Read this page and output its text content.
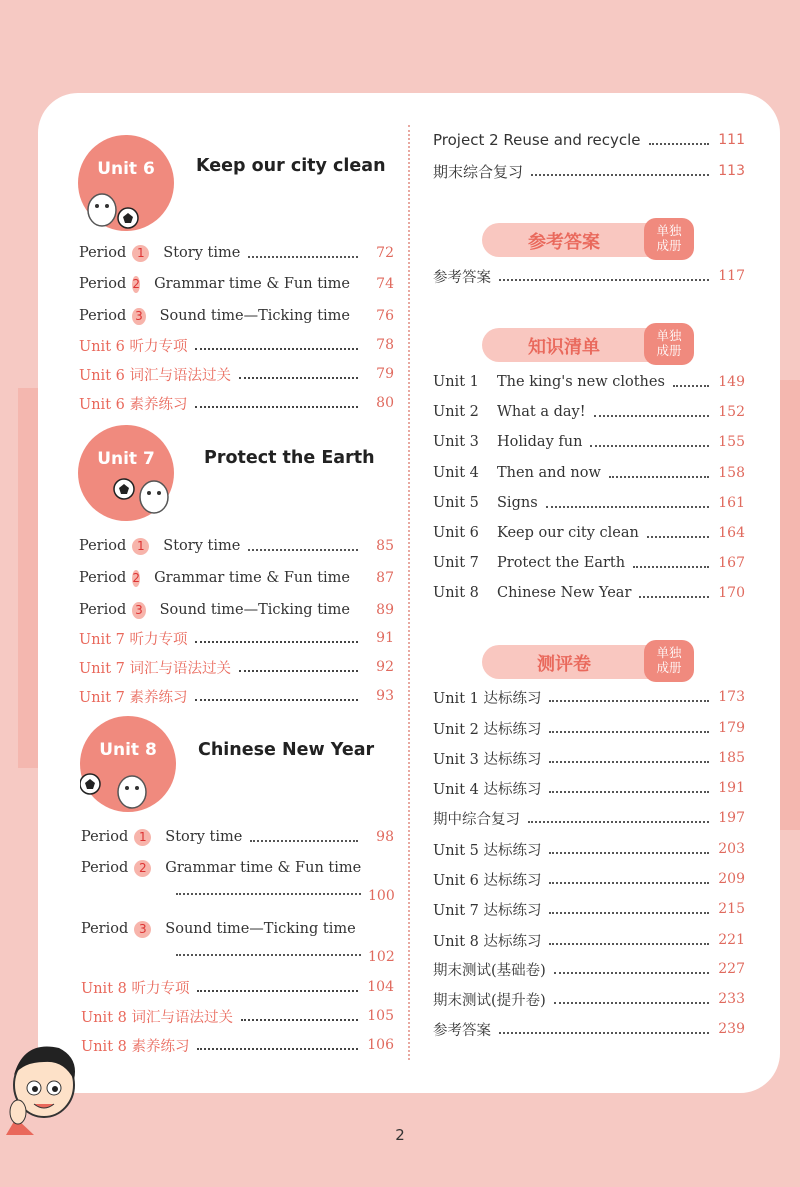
Unit 6	Keep our city clean
Period 1	Story time	72
Period 2 Grammar time & Fun time	74
Period 3 Sound time—Ticking time	76
Unit 6 听力专项	78
Unit 6 词汇与语法过关	79
Unit 6 素养练习	80
Unit 7	Protect the Earth
Period 1	Story time	85
Period 2 Grammar time & Fun time	87
Period 3 Sound time—Ticking time	89
Unit 7 听力专项	91
Unit 7 词汇与语法过关	92
Unit 7 素养练习	93
Unit 8	Chinese New Year
Period 1	Story time	98
Period 2	Grammar time & Fun time
100
Period 3	Sound time—Ticking time
102
Unit 8 听力专项	104
Unit 8 词汇与语法过关	105
Unit 8 素养练习	106
Project 2 Reuse and recycle	111
期末综合复习	113
参考答案
单独
成册
参考答案	117
知识清单
单独
成册
Unit 1	The king's new clothes	149
Unit 2	What a day!	152
Unit 3	Holiday fun	155
Unit 4	Then and now	158
Unit 5	Signs	161
Unit 6	Keep our city clean	164
Unit 7	Protect the Earth	167
Unit 8	Chinese New Year	170
测评卷
单独
成册
Unit 1 达标练习	173
Unit 2 达标练习	179
Unit 3 达标练习	185
Unit 4 达标练习	191
期中综合复习	197
Unit 5 达标练习	203
Unit 6 达标练习	209
Unit 7 达标练习	215
Unit 8 达标练习	221
期末测试(基础卷)	227
期末测试(提升卷)	233
参考答案	239
2
